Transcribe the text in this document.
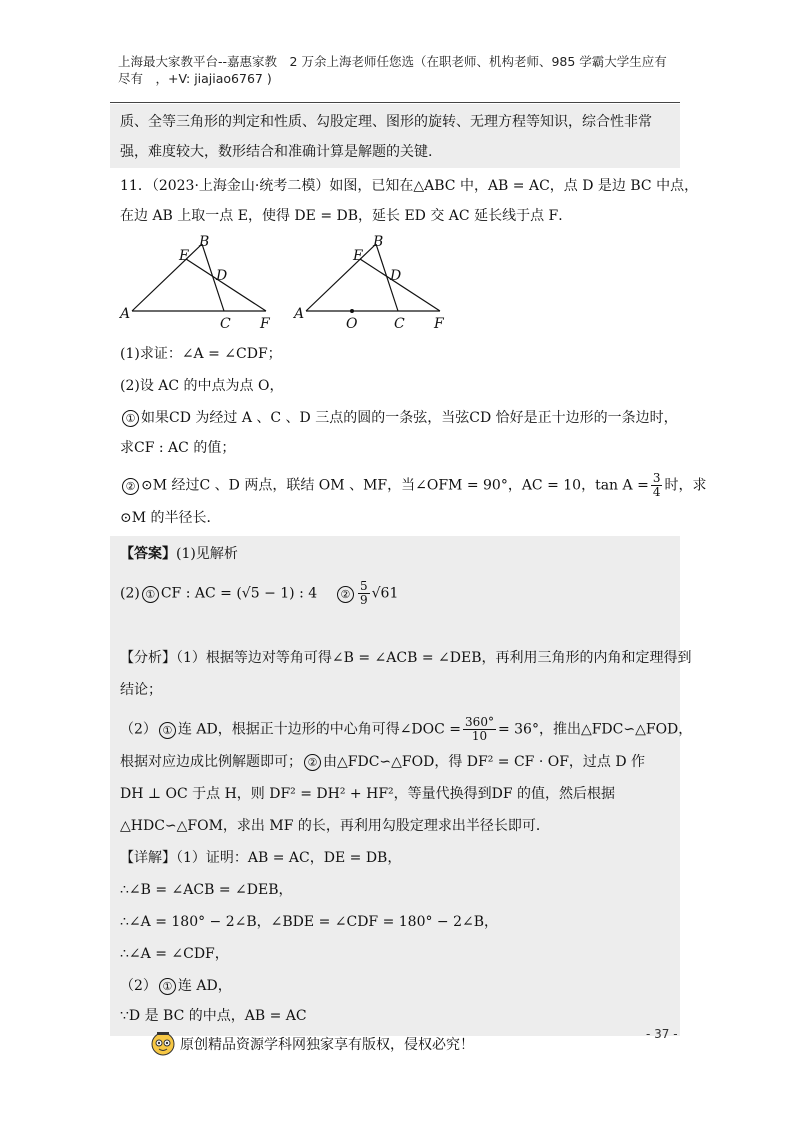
上海最大家教平台--嘉惠家教　2 万余上海老师任您选（在职老师、机构老师、985 学霸大学生应有
尽有　，+V: jiajiao6767 )
质、全等三角形的判定和性质、勾股定理、图形的旋转、无理方程等知识，综合性非常
强，难度较大，数形结合和准确计算是解题的关键.
11．（2023·上海金山·统考二模）如图，已知在△ABC 中，AB = AC，点 D 是边 BC 中点，
在边 AB 上取一点 E，使得 DE = DB，延长 ED 交 AC 延长线于点 F．
A
B
C
D
E
F
A
B
C
D
E
F
O
(1)求证：∠A = ∠CDF；
(2)设 AC 的中点为点 O，
① 如果CD 为经过 A 、C 、D 三点的圆的一条弦，当弦CD 恰好是正十边形的一条边时，
求CF : AC 的值；
② ⊙M 经过C 、D 两点，联结 OM 、MF，当∠OFM = 90°，AC = 10，$\tan A = \frac{3}{4}$ 时，求
⊙M 的半径长．
【答案】(1)见解析
(2) ① CF : AC = (√5 − 1) : 4 ② $\frac{5}{9} √61$
【分析】（1）根据等边对等角可得∠B = ∠ACB = ∠DEB，再利用三角形的内角和定理得到
结论；
（2） ① 连 AD，根据正十边形的中心角可得∠DOC = $\frac{360^\circ}{10} = 36^\circ$，推出△FDC∽△FOD，
根据对应边成比例解题即可； ② 由△FDC∽△FOD，得 DF² = CF · OF，过点 D 作
DH ⊥ OC 于点 H，则 DF² = DH² + HF²，等量代换得到DF 的值，然后根据
△HDC∽△FOM，求出 MF 的长，再利用勾股定理求出半径长即可．
【详解】（1）证明：AB = AC，DE = DB，
∴∠B = ∠ACB = ∠DEB，
∴∠A = 180° − 2∠B，∠BDE = ∠CDF = 180° − 2∠B，
∴∠A = ∠CDF，
（2） ① 连 AD，
∵D 是 BC 的中点，AB = AC
原创精品资源学科网独家享有版权，侵权必究！
- 37 -
